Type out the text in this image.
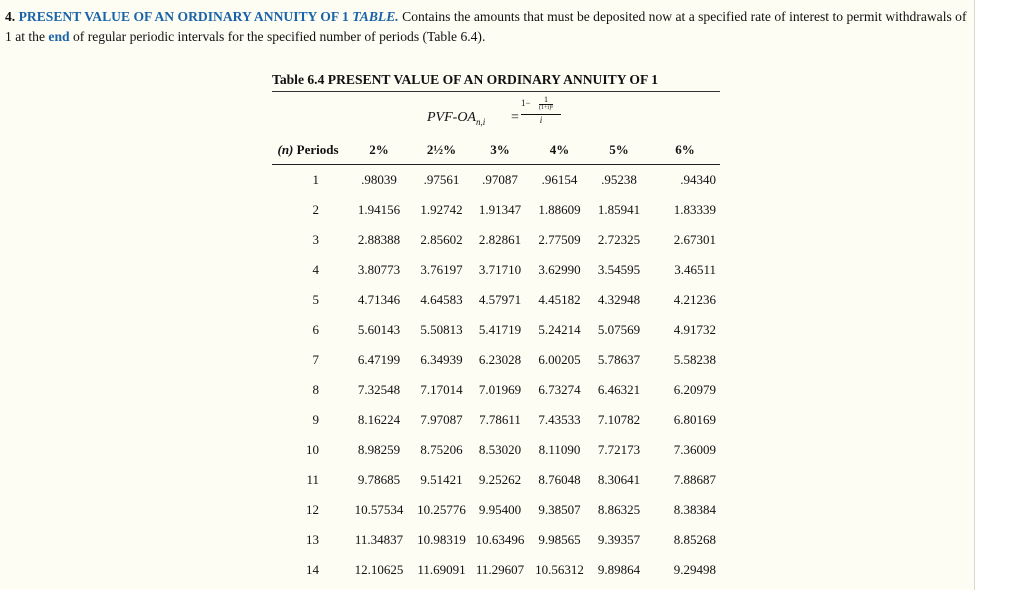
4. PRESENT VALUE OF AN ORDINARY ANNUITY OF 1 TABLE. Contains the amounts that must be deposited now at a specified rate of interest to permit withdrawals of 1 at the end of regular periodic intervals for the specified number of periods (Table 6.4).
Table 6.4 PRESENT VALUE OF AN ORDINARY ANNUITY OF 1
PVF-$OA_{n,i}$ =
1−	1
(1+i)ⁿ
i
(n) Periods	2%	2½%	3%	4%	5%	6%
1	.98039	.97561	.97087	.96154	.95238	.94340
2	1.94156	1.92742	1.91347	1.88609	1.85941	1.83339
3	2.88388	2.85602	2.82861	2.77509	2.72325	2.67301
4	3.80773	3.76197	3.71710	3.62990	3.54595	3.46511
5	4.71346	4.64583	4.57971	4.45182	4.32948	4.21236
6	5.60143	5.50813	5.41719	5.24214	5.07569	4.91732
7	6.47199	6.34939	6.23028	6.00205	5.78637	5.58238
8	7.32548	7.17014	7.01969	6.73274	6.46321	6.20979
9	8.16224	7.97087	7.78611	7.43533	7.10782	6.80169
10	8.98259	8.75206	8.53020	8.11090	7.72173	7.36009
11	9.78685	9.51421	9.25262	8.76048	8.30641	7.88687
12	10.57534	10.25776	9.95400	9.38507	8.86325	8.38384
13	11.34837	10.98319	10.63496	9.98565	9.39357	8.85268
14	12.10625	11.69091	11.29607	10.56312	9.89864	9.29498
